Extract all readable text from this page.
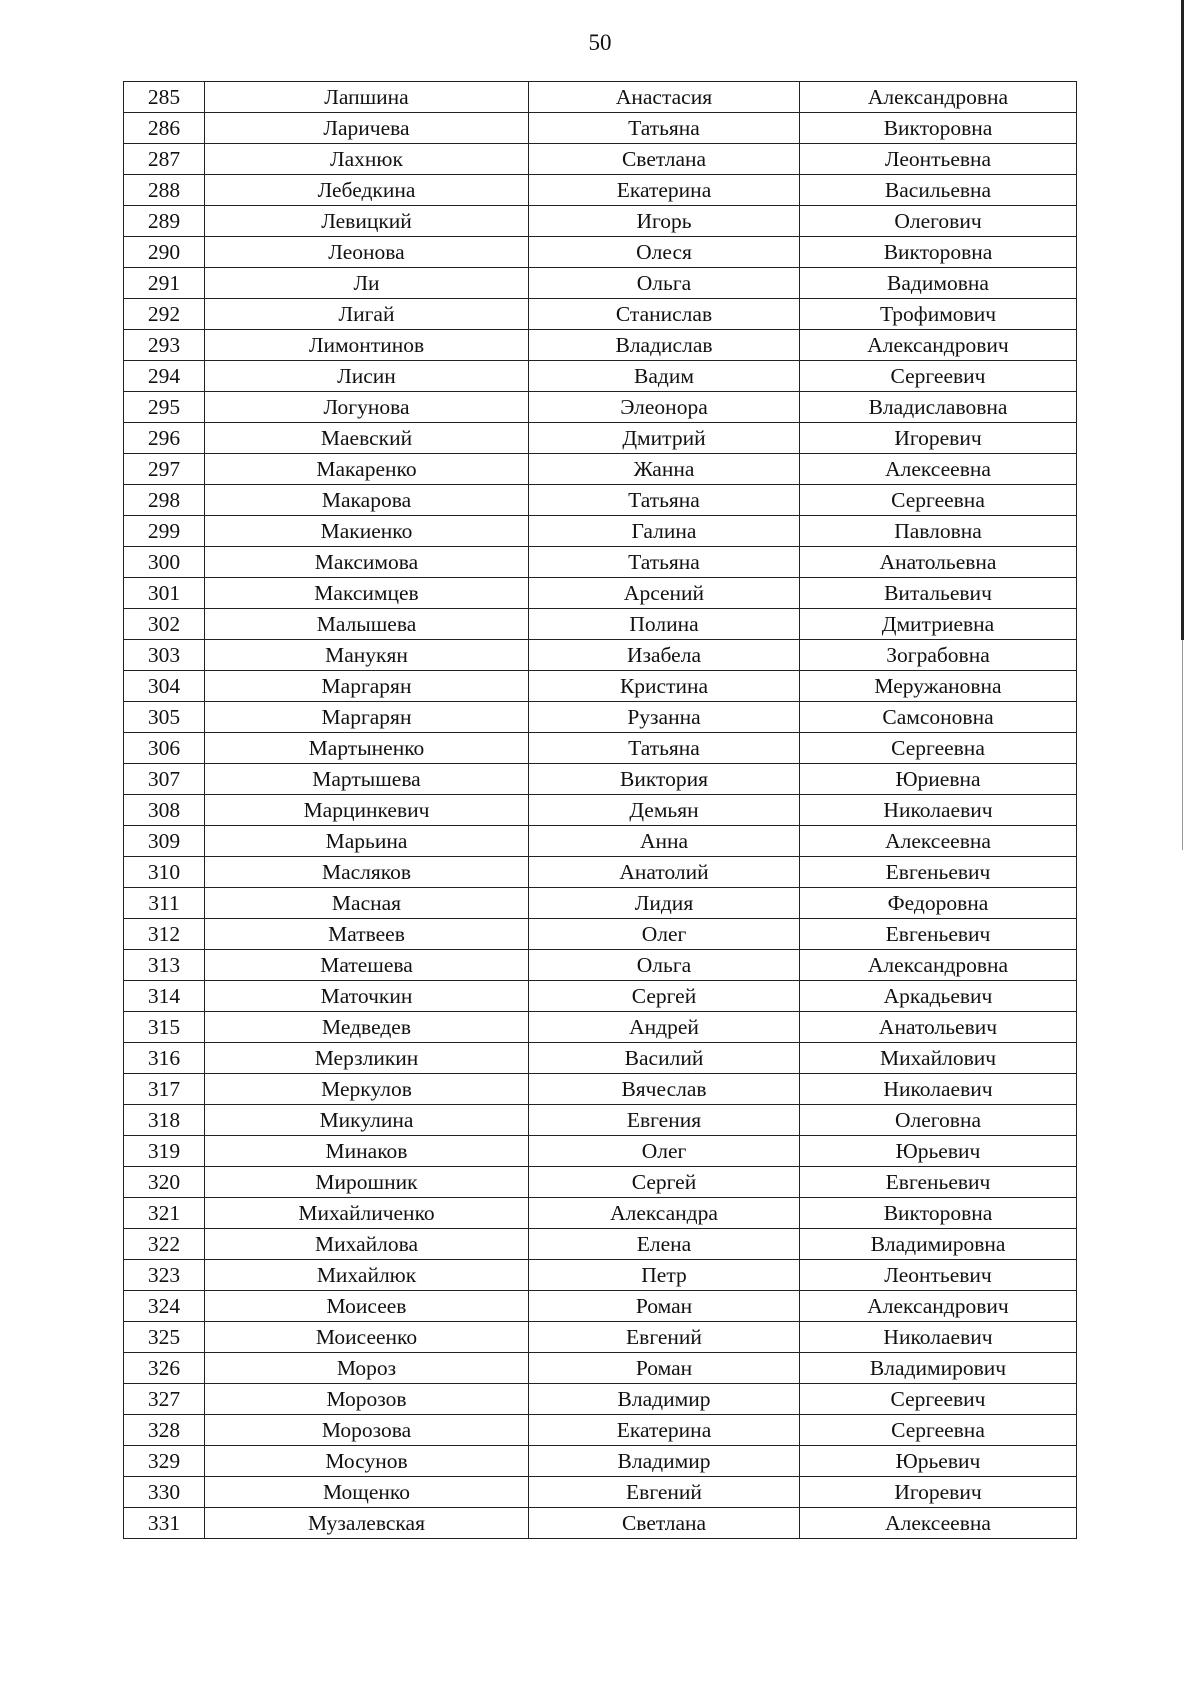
50
285	Лапшина	Анастасия	Александровна
286	Ларичева	Татьяна	Викторовна
287	Лахнюк	Светлана	Леонтьевна
288	Лебедкина	Екатерина	Васильевна
289	Левицкий	Игорь	Олегович
290	Леонова	Олеся	Викторовна
291	Ли	Ольга	Вадимовна
292	Лигай	Станислав	Трофимович
293	Лимонтинов	Владислав	Александрович
294	Лисин	Вадим	Сергеевич
295	Логунова	Элеонора	Владиславовна
296	Маевский	Дмитрий	Игоревич
297	Макаренко	Жанна	Алексеевна
298	Макарова	Татьяна	Сергеевна
299	Макиенко	Галина	Павловна
300	Максимова	Татьяна	Анатольевна
301	Максимцев	Арсений	Витальевич
302	Малышева	Полина	Дмитриевна
303	Манукян	Изабела	Зограбовна
304	Маргарян	Кристина	Меружановна
305	Маргарян	Рузанна	Самсоновна
306	Мартыненко	Татьяна	Сергеевна
307	Мартышева	Виктория	Юриевна
308	Марцинкевич	Демьян	Николаевич
309	Марьина	Анна	Алексеевна
310	Масляков	Анатолий	Евгеньевич
311	Масная	Лидия	Федоровна
312	Матвеев	Олег	Евгеньевич
313	Матешева	Ольга	Александровна
314	Маточкин	Сергей	Аркадьевич
315	Медведев	Андрей	Анатольевич
316	Мерзликин	Василий	Михайлович
317	Меркулов	Вячеслав	Николаевич
318	Микулина	Евгения	Олеговна
319	Минаков	Олег	Юрьевич
320	Мирошник	Сергей	Евгеньевич
321	Михайличенко	Александра	Викторовна
322	Михайлова	Елена	Владимировна
323	Михайлюк	Петр	Леонтьевич
324	Моисеев	Роман	Александрович
325	Моисеенко	Евгений	Николаевич
326	Мороз	Роман	Владимирович
327	Морозов	Владимир	Сергеевич
328	Морозова	Екатерина	Сергеевна
329	Мосунов	Владимир	Юрьевич
330	Мощенко	Евгений	Игоревич
331	Музалевская	Светлана	Алексеевна
